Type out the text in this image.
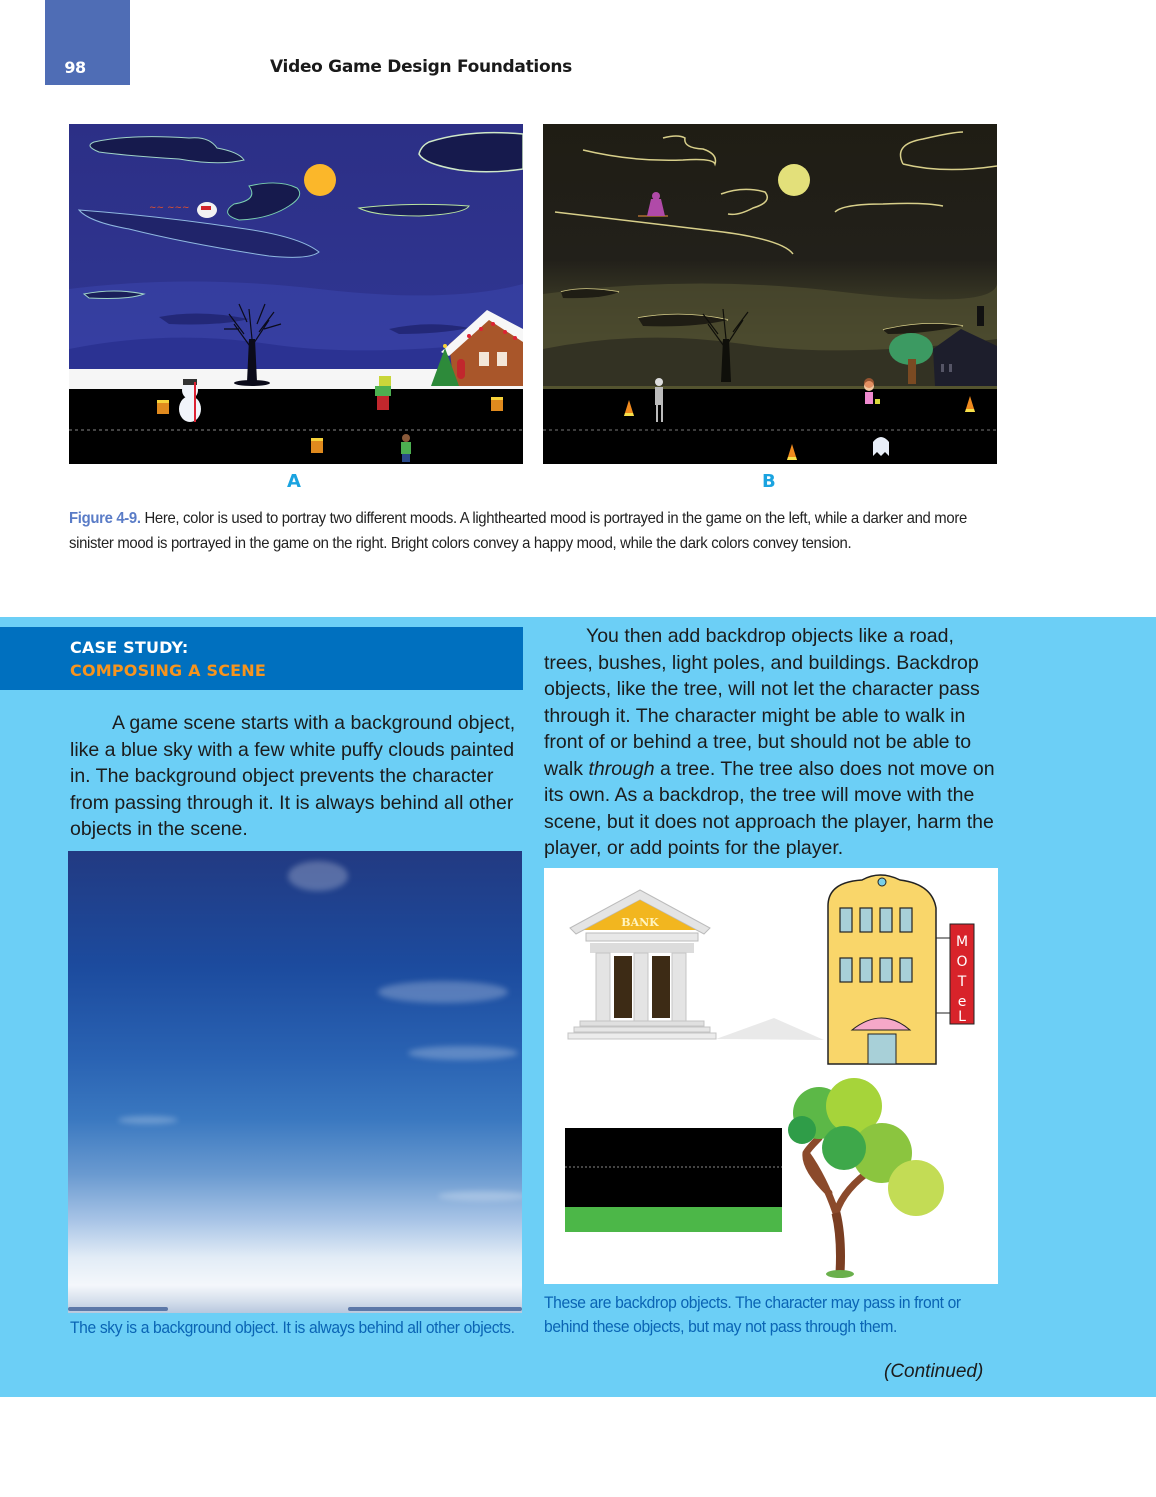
98	Video Game Design Foundations
~~ ~~~
A	B
Figure 4-9. Here, color is used to portray two different moods. A lighthearted mood is portrayed in the game on the left, while a darker and more sinister mood is portrayed in the game on the right. Bright colors convey a happy mood, while the dark colors convey tension.
CASE STUDY:
COMPOSING A SCENE
A game scene starts with a background object, like a blue sky with a few white puffy clouds painted in. The background object prevents the character from passing through it. It is always behind all other objects in the scene.
You then add backdrop objects like a road, trees, bushes, light poles, and buildings. Backdrop objects, like the tree, will not let the character pass through it. The character might be able to walk in front of or behind a tree, but should not be able to walk through a tree. The tree also does not move on its own. As a backdrop, the tree will move with the scene, but it does not approach the player, harm the player, or add points for the player.
The sky is a background object. It is always behind all other objects.
BANK
M
O
T
e
L
These are backdrop objects. The character may pass in front or behind these objects, but may not pass through them.
(Continued)
